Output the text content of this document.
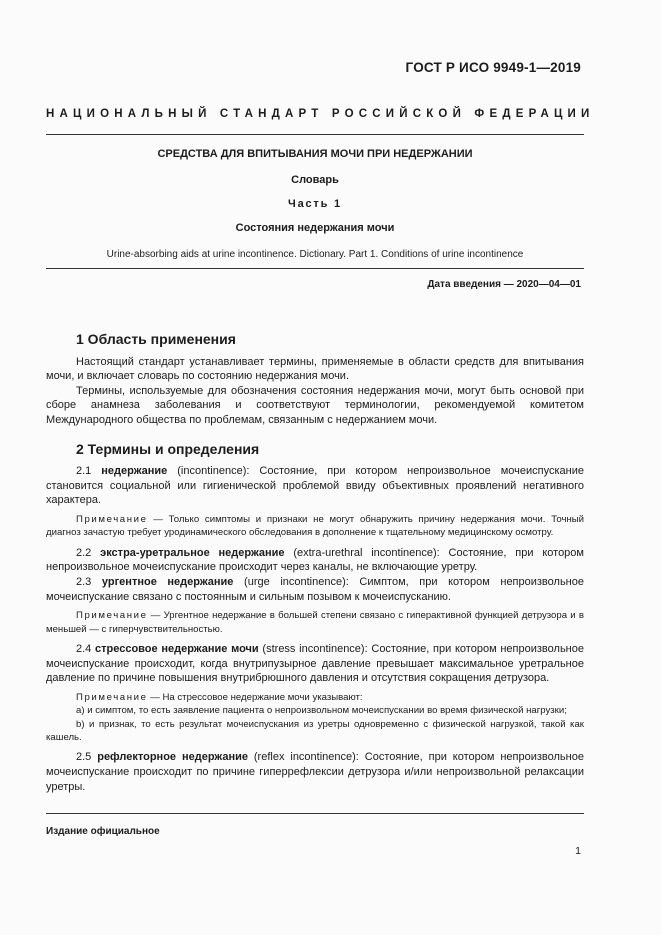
ГОСТ Р ИСО 9949-1—2019
НАЦИОНАЛЬНЫЙ СТАНДАРТ РОССИЙСКОЙ ФЕДЕРАЦИИ
СРЕДСТВА ДЛЯ ВПИТЫВАНИЯ МОЧИ ПРИ НЕДЕРЖАНИИ
Словарь
Часть 1
Состояния недержания мочи
Urine-absorbing aids at urine incontinence. Dictionary. Part 1. Conditions of urine incontinence
Дата введения — 2020—04—01
1 Область применения

Настоящий стандарт устанавливает термины, применяемые в области средств для впитывания мочи, и включает словарь по состоянию недержания мочи.

Термины, используемые для обозначения состояния недержания мочи, могут быть основой при сборе анамнеза заболевания и соответствуют терминологии, рекомендуемой комитетом Международного общества по проблемам, связанным с недержанием мочи.

2 Термины и определения

2.1 недержание (incontinence): Состояние, при котором непроизвольное мочеиспускание становится социальной или гигиенической проблемой ввиду объективных проявлений негативного характера.

Примечание — Только симптомы и признаки не могут обнаружить причину недержания мочи. Точный диагноз зачастую требует уродинамического обследования в дополнение к тщательному медицинскому осмотру.

2.2 экстра-уретральное недержание (extra-urethral incontinence): Состояние, при котором непроизвольное мочеиспускание происходит через каналы, не включающие уретру.

2.3 ургентное недержание (urge incontinence): Симптом, при котором непроизвольное мочеиспускание связано с постоянным и сильным позывом к мочеиспусканию.

Примечание — Ургентное недержание в большей степени связано с гиперактивной функцией детрузора и в меньшей — с гиперчувствительностью.

2.4 стрессовое недержание мочи (stress incontinence): Состояние, при котором непроизвольное мочеиспускание происходит, когда внутрипузырное давление превышает максимальное уретральное давление по причине повышения внутрибрюшного давления и отсутствия сокращения детрузора.

Примечание — На стрессовое недержание мочи указывают:

a) и симптом, то есть заявление пациента о непроизвольном мочеиспускании во время физической нагрузки;

b) и признак, то есть результат мочеиспускания из уретры одновременно с физической нагрузкой, такой как кашель.

2.5 рефлекторное недержание (reflex incontinence): Состояние, при котором непроизвольное мочеиспускание происходит по причине гиперрефлексии детрузора и/или непроизвольной релаксации уретры.

Издание официальное
1
